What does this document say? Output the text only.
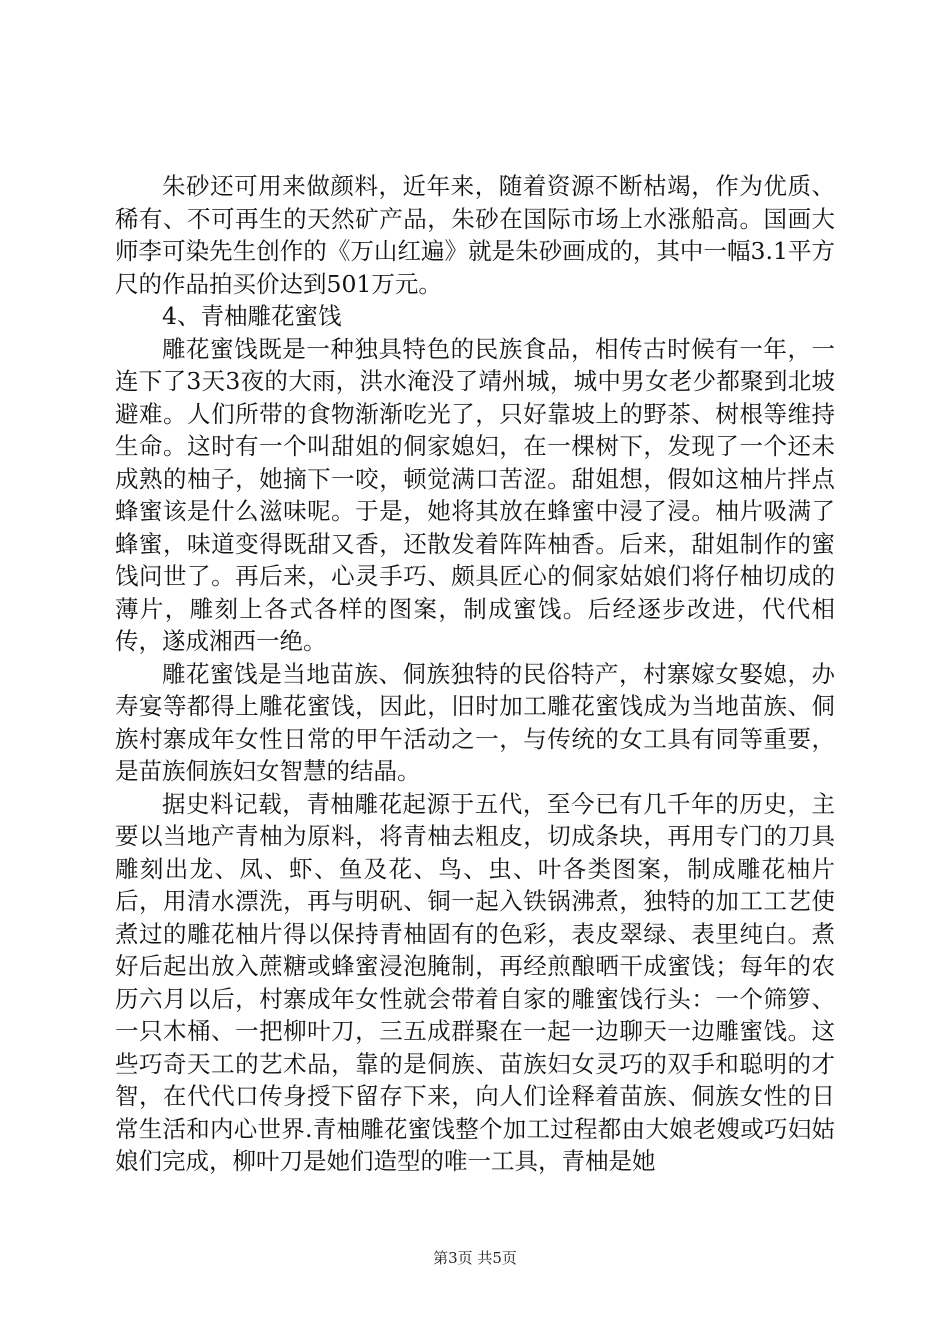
朱砂还可用来做颜料，近年来，随着资源不断枯竭，作为优质、稀有、不可再生的天然矿产品，朱砂在国际市场上水涨船高。国画大师李可染先生创作的《万山红遍》就是朱砂画成的，其中一幅3.1平方尺的作品拍买价达到501万元。

4、青柚雕花蜜饯

雕花蜜饯既是一种独具特色的民族食品，相传古时候有一年，一连下了3天3夜的大雨，洪水淹没了靖州城，城中男女老少都聚到北坡避难。人们所带的食物渐渐吃光了，只好靠坡上的野茶、树根等维持生命。这时有一个叫甜姐的侗家媳妇，在一棵树下，发现了一个还未成熟的柚子，她摘下一咬，顿觉满口苦涩。甜姐想，假如这柚片拌点蜂蜜该是什么滋味呢。于是，她将其放在蜂蜜中浸了浸。柚片吸满了蜂蜜，味道变得既甜又香，还散发着阵阵柚香。后来，甜姐制作的蜜饯问世了。再后来，心灵手巧、颇具匠心的侗家姑娘们将仔柚切成的薄片，雕刻上各式各样的图案，制成蜜饯。后经逐步改进，代代相传，遂成湘西一绝。

雕花蜜饯是当地苗族、侗族独特的民俗特产，村寨嫁女娶媳，办寿宴等都得上雕花蜜饯，因此，旧时加工雕花蜜饯成为当地苗族、侗族村寨成年女性日常的甲午活动之一，与传统的女工具有同等重要，是苗族侗族妇女智慧的结晶。

据史料记载，青柚雕花起源于五代，至今已有几千年的历史，主要以当地产青柚为原料，将青柚去粗皮，切成条块，再用专门的刀具雕刻出龙、凤、虾、鱼及花、鸟、虫、叶各类图案，制成雕花柚片后，用清水漂洗，再与明矾、铜一起入铁锅沸煮，独特的加工工艺使煮过的雕花柚片得以保持青柚固有的色彩，表皮翠绿、表里纯白。煮好后起出放入蔗糖或蜂蜜浸泡腌制，再经煎酿晒干成蜜饯；每年的农历六月以后，村寨成年女性就会带着自家的雕蜜饯行头：一个筛箩、一只木桶、一把柳叶刀，三五成群聚在一起一边聊天一边雕蜜饯。这些巧奇天工的艺术品，靠的是侗族、苗族妇女灵巧的双手和聪明的才智，在代代口传身授下留存下来，向人们诠释着苗族、侗族女性的日常生活和内心世界.青柚雕花蜜饯整个加工过程都由大娘老嫂或巧妇姑娘们完成，柳叶刀是她们造型的唯一工具，青柚是她

第3页 共5页
